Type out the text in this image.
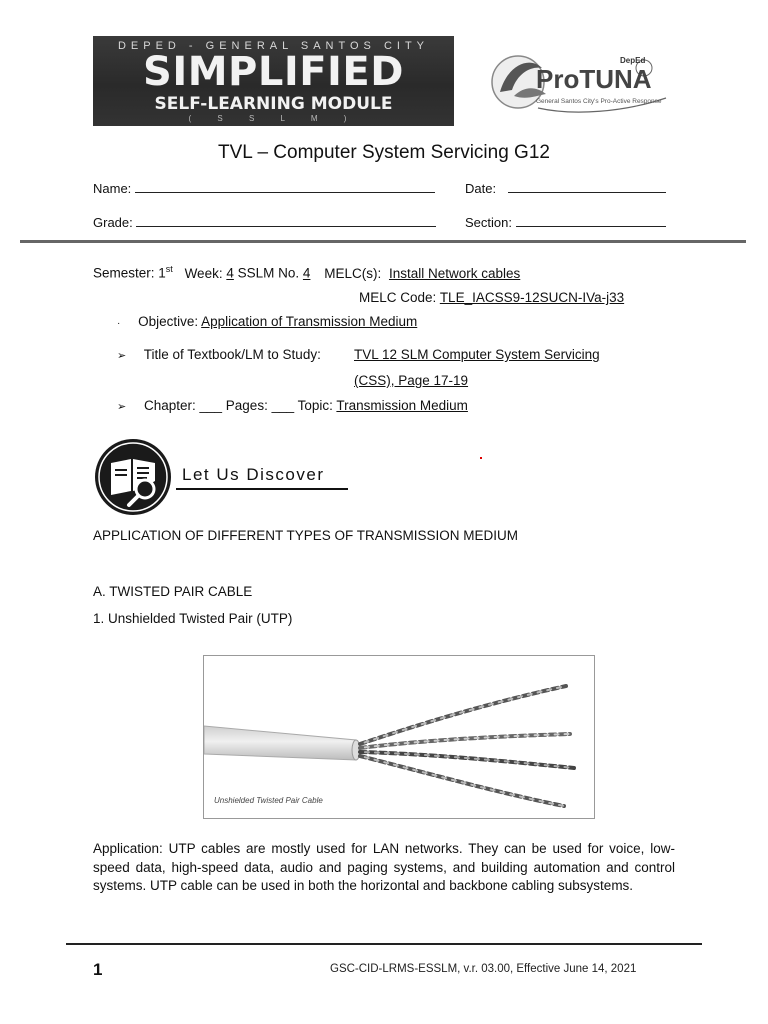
DEPED - GENERAL SANTOS CITY
SIMPLIFIED
SELF-LEARNING MODULE
( S S L M )
DepEd
ProTUNA
General Santos City's Pro-Active Response
TVL – Computer System Servicing G12
Name:	Date:
Grade:	Section:
Semester: 1st Week: 4 SSLM No. 4 MELC(s): Install Network cables
MELC Code: TLE_IACSS9-12SUCN-IVa-j33
· Objective: Application of Transmission Medium
➢ Title of Textbook/LM to Study: TVL 12 SLM Computer System Servicing
(CSS), Page 17-19
➢ Chapter: ___ Pages: ___ Topic: Transmission Medium
Let Us Discover
APPLICATION OF DIFFERENT TYPES OF TRANSMISSION MEDIUM
A. TWISTED PAIR CABLE
1. Unshielded Twisted Pair (UTP)
Unshielded Twisted Pair Cable
Application: UTP cables are mostly used for LAN networks. They can be used for voice, low-speed data, high-speed data, audio and paging systems, and building automation and control systems. UTP cable can be used in both the horizontal and backbone cabling subsystems.
1	GSC-CID-LRMS-ESSLM, v.r. 03.00, Effective June 14, 2021
